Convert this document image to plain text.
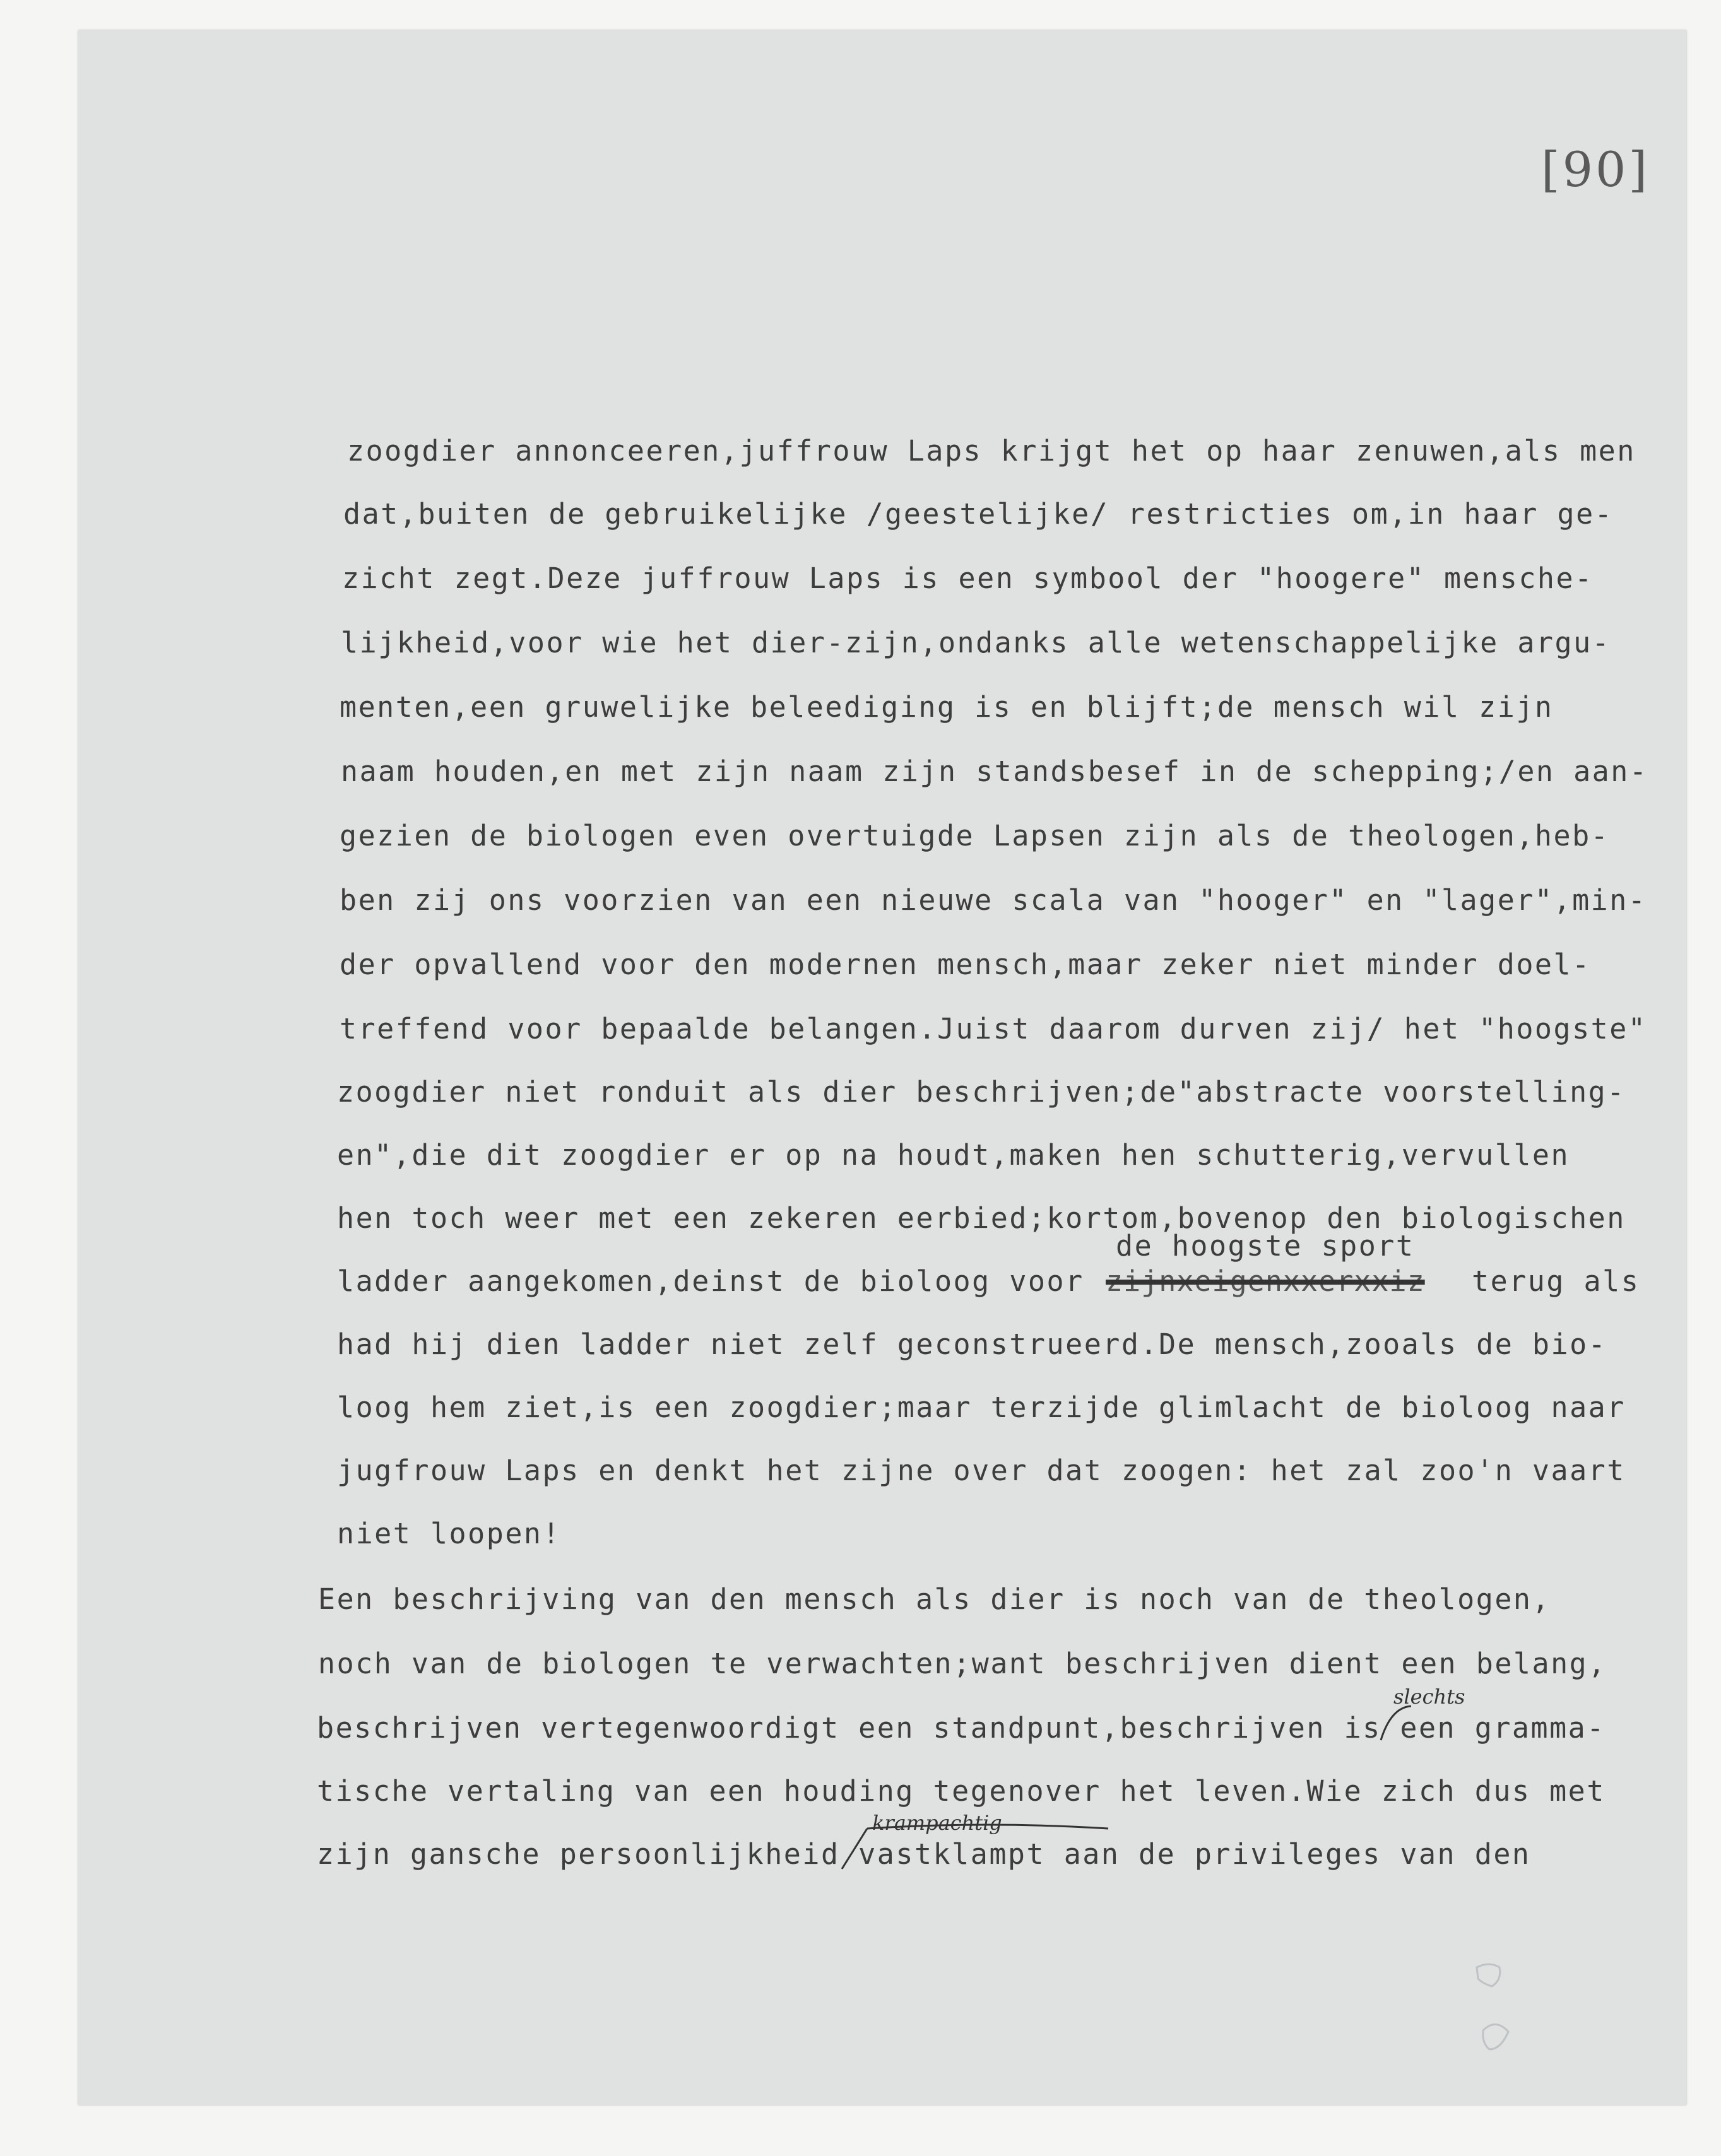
[90]
zoogdier annonceeren,juffrouw Laps krijgt het op haar zenuwen,als men
dat,buiten de gebruikelijke /geestelijke/ restricties om,in haar ge-
zicht zegt.Deze juffrouw Laps is een symbool der "hoogere" mensche-
lijkheid,voor wie het dier-zijn,ondanks alle wetenschappelijke argu-
menten,een gruwelijke beleediging is en blijft;de mensch wil zijn
naam houden,en met zijn naam zijn standsbesef in de schepping;/en aan-
gezien de biologen even overtuigde Lapsen zijn als de theologen,heb-
ben zij ons voorzien van een nieuwe scala van "hooger" en "lager",min-
der opvallend voor den modernen mensch,maar zeker niet minder doel-
treffend voor bepaalde belangen.Juist daarom durven zij/ het "hoogste"
zoogdier niet ronduit als dier beschrijven;de"abstracte voorstelling-
en",die dit zoogdier er op na houdt,maken hen schutterig,vervullen
hen toch weer met een zekeren eerbied;kortom,bovenop den biologischen
de hoogste sport
ladder aangekomen,deinst de bioloog voor zijnxeigenxxerxxiz terug als
had hij dien ladder niet zelf geconstrueerd.De mensch,zooals de bio-
loog hem ziet,is een zoogdier;maar terzijde glimlacht de bioloog naar
jugfrouw Laps en denkt het zijne over dat zoogen: het zal zoo'n vaart
niet loopen!
Een beschrijving van den mensch als dier is noch van de theologen,
noch van de biologen te verwachten;want beschrijven dient een belang,
beschrijven vertegenwoordigt een standpunt,beschrijven is een gramma-
tische vertaling van een houding tegenover het leven.Wie zich dus met
zijn gansche persoonlijkheid vastklampt aan de privileges van den
slechts
krampachtig
